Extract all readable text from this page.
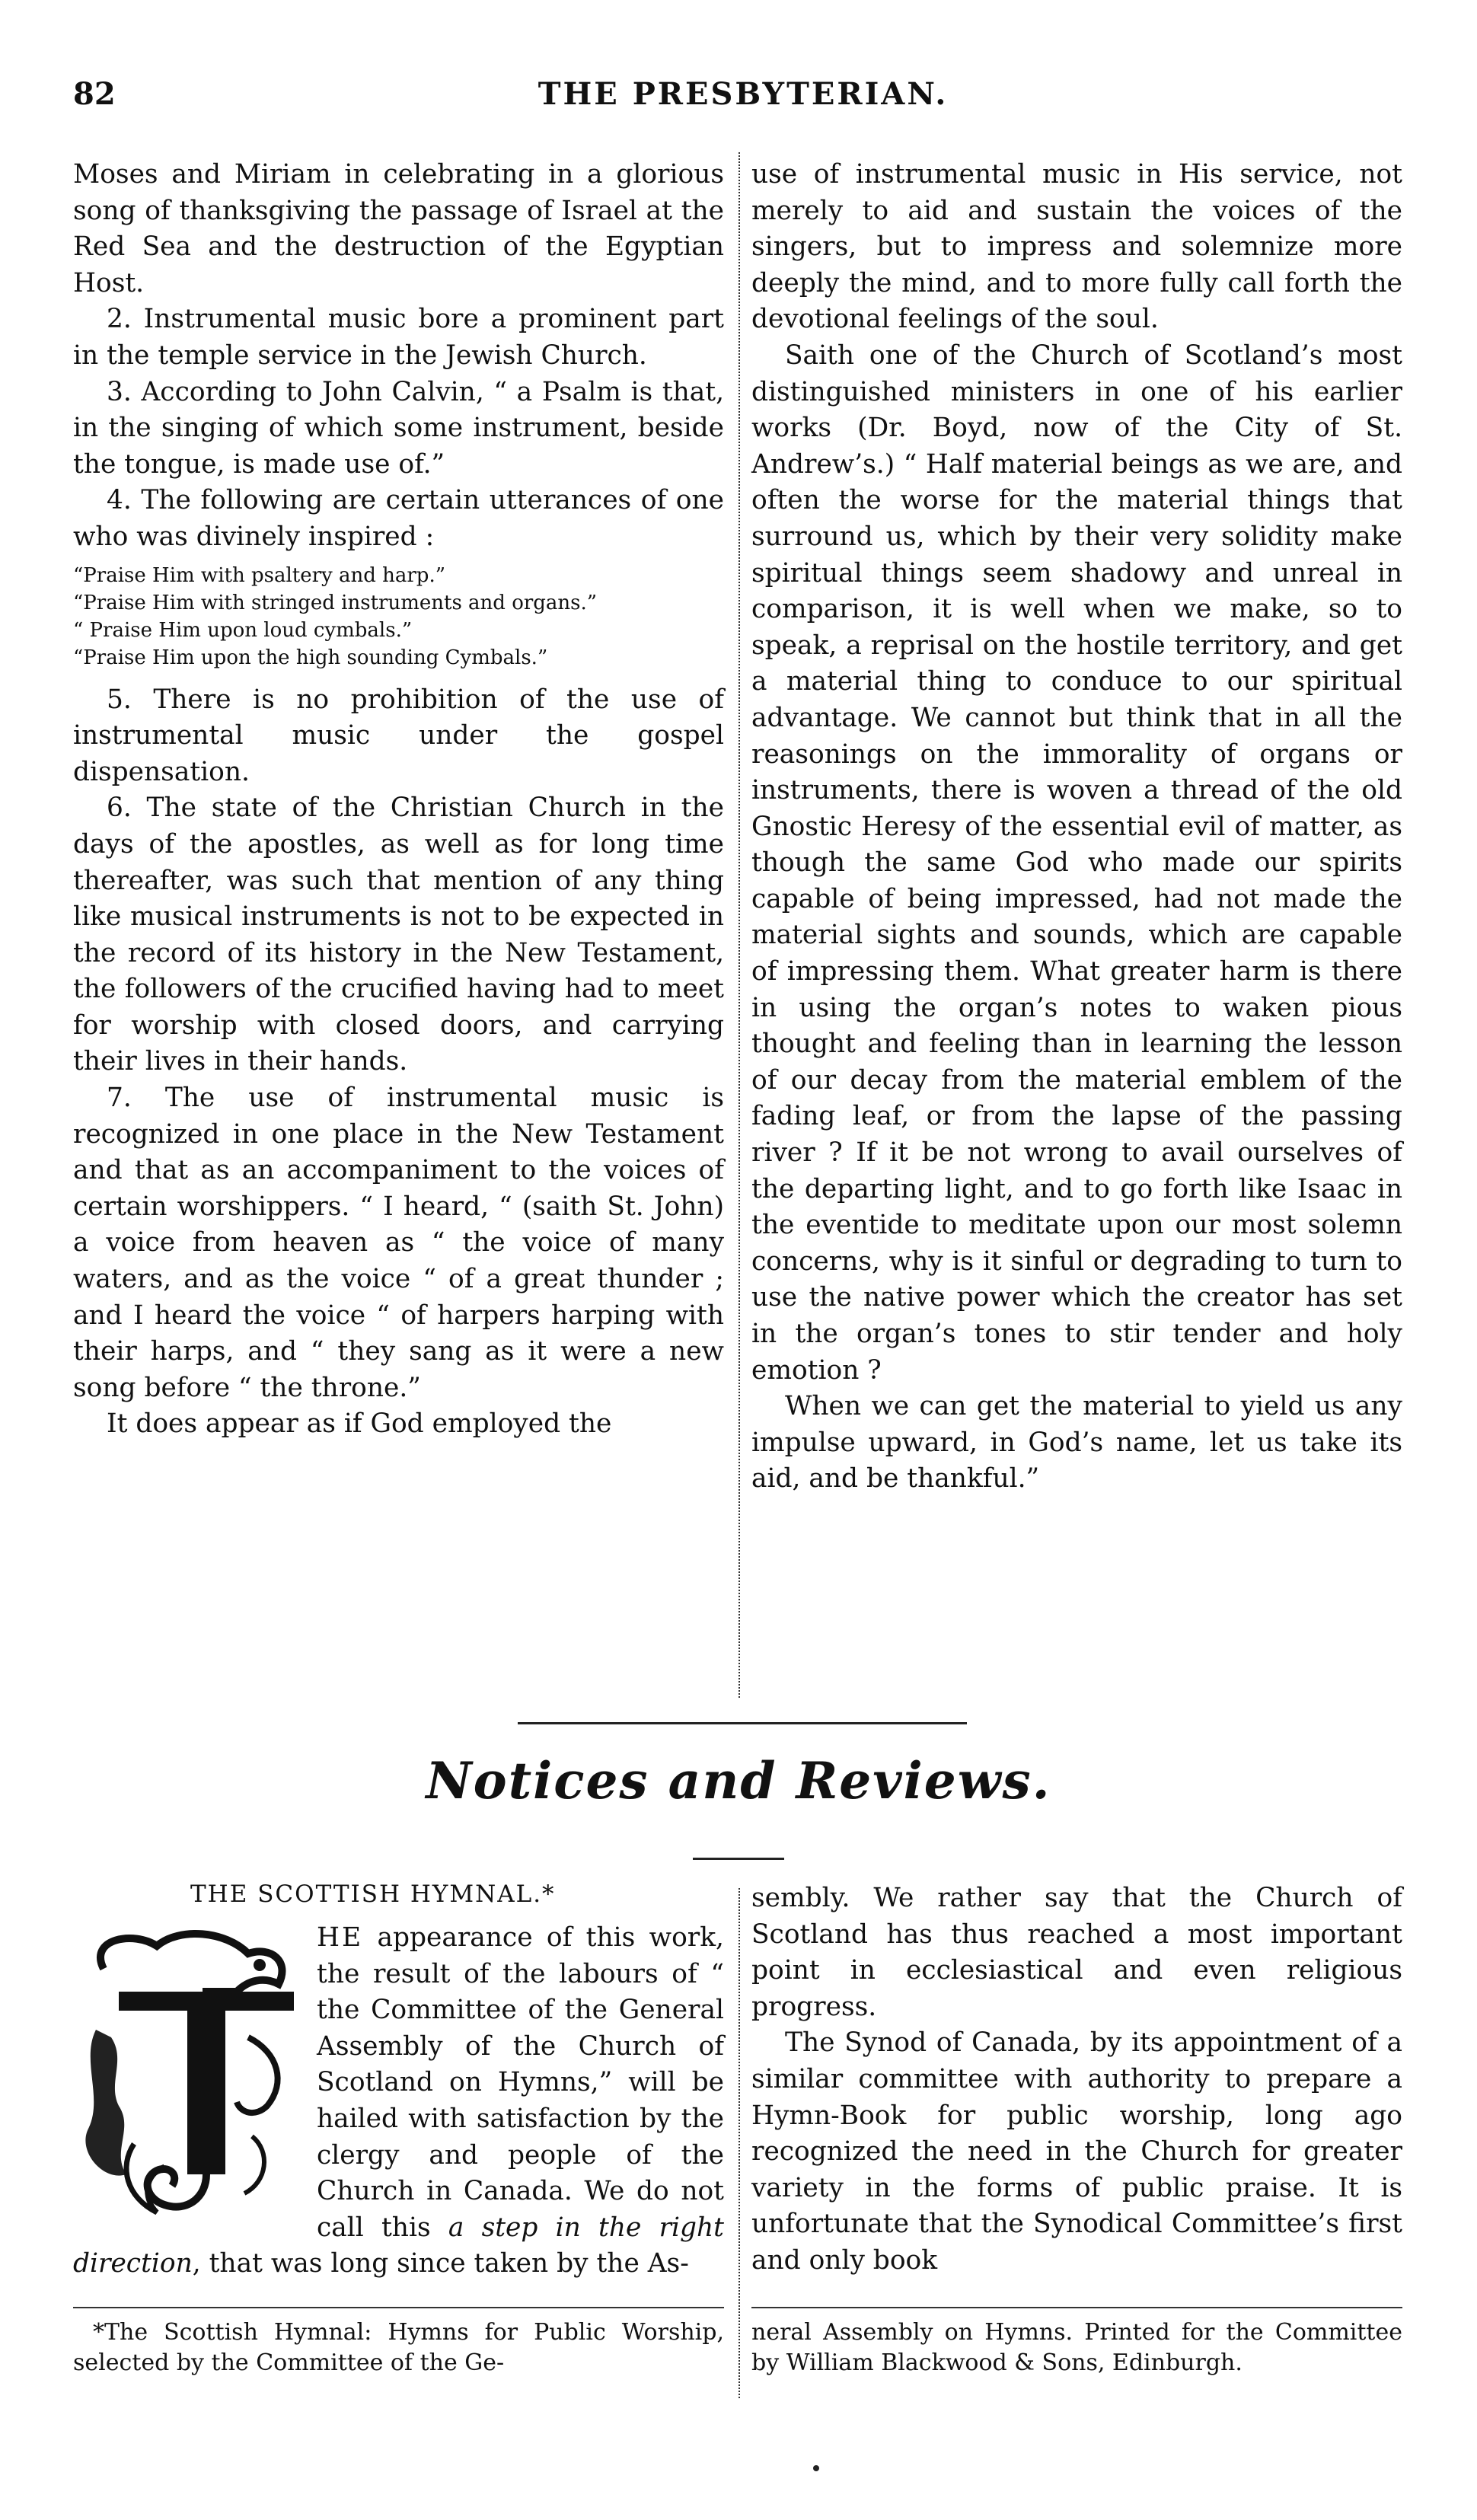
82	THE PRESBYTERIAN.

Moses and Miriam in celebrating in a glorious song of thanksgiving the passage of Israel at the Red Sea and the destruction of the Egyptian Host.

2. Instrumental music bore a prominent part in the temple service in the Jewish Church.

3. According to John Calvin, “ a Psalm is that, in the singing of which some instrument, beside the tongue, is made use of.”

4. The following are certain utterances of one who was divinely inspired :

“Praise Him with psaltery and harp.”
“Praise Him with stringed instruments and organs.”
“ Praise Him upon loud cymbals.”
“Praise Him upon the high sounding Cymbals.”

5. There is no prohibition of the use of instrumental music under the gospel dispensation.

6. The state of the Christian Church in the days of the apostles, as well as for long time thereafter, was such that mention of any thing like musical instruments is not to be expected in the record of its history in the New Testament, the followers of the crucified having had to meet for worship with closed doors, and carrying their lives in their hands.

7. The use of instrumental music is recognized in one place in the New Testament and that as an accompaniment to the voices of certain worshippers. “ I heard, “ (saith St. John) a voice from heaven as “ the voice of many waters, and as the voice “ of a great thunder ; and I heard the voice “ of harpers harping with their harps, and “ they sang as it were a new song before “ the throne.”

It does appear as if God employed the

use of instrumental music in His service, not merely to aid and sustain the voices of the singers, but to impress and solemnize more deeply the mind, and to more fully call forth the devotional feelings of the soul.

Saith one of the Church of Scotland’s most distinguished ministers in one of his earlier works (Dr. Boyd, now of the City of St. Andrew’s.) “ Half material beings as we are, and often the worse for the material things that surround us, which by their very solidity make spiritual things seem shadowy and unreal in comparison, it is well when we make, so to speak, a reprisal on the hostile territory, and get a material thing to conduce to our spiritual advantage. We cannot but think that in all the reasonings on the immorality of organs or instruments, there is woven a thread of the old Gnostic Heresy of the essential evil of matter, as though the same God who made our spirits capable of being impressed, had not made the material sights and sounds, which are capable of impressing them. What greater harm is there in using the organ’s notes to waken pious thought and feeling than in learning the lesson of our decay from the material emblem of the fading leaf, or from the lapse of the passing river ? If it be not wrong to avail ourselves of the departing light, and to go forth like Isaac in the eventide to meditate upon our most solemn concerns, why is it sinful or degrading to turn to use the native power which the creator has set in the organ’s tones to stir tender and holy emotion ?

When we can get the material to yield us any impulse upward, in God’s name, let us take its aid, and be thankful.”

Notices and Reviews.
THE SCOTTISH HYMNAL.*

HE appearance of this work, the result of the labours of “ the Committee of the General Assembly of the Church of Scotland on Hymns,” will be hailed with satisfaction by the clergy and people of the Church in Canada. We do not call this a step in the right direction, that was long since taken by the As-

sembly. We rather say that the Church of Scotland has thus reached a most important point in ecclesiastical and even religious progress.

The Synod of Canada, by its appointment of a similar committee with authority to prepare a Hymn-Book for public worship, long ago recognized the need in the Church for greater variety in the forms of public praise. It is unfortunate that the Synodical Committee’s first and only book

*The Scottish Hymnal: Hymns for Public Worship, selected by the Committee of the Ge-
neral Assembly on Hymns. Printed for the Committee by William Blackwood & Sons, Edinburgh.
